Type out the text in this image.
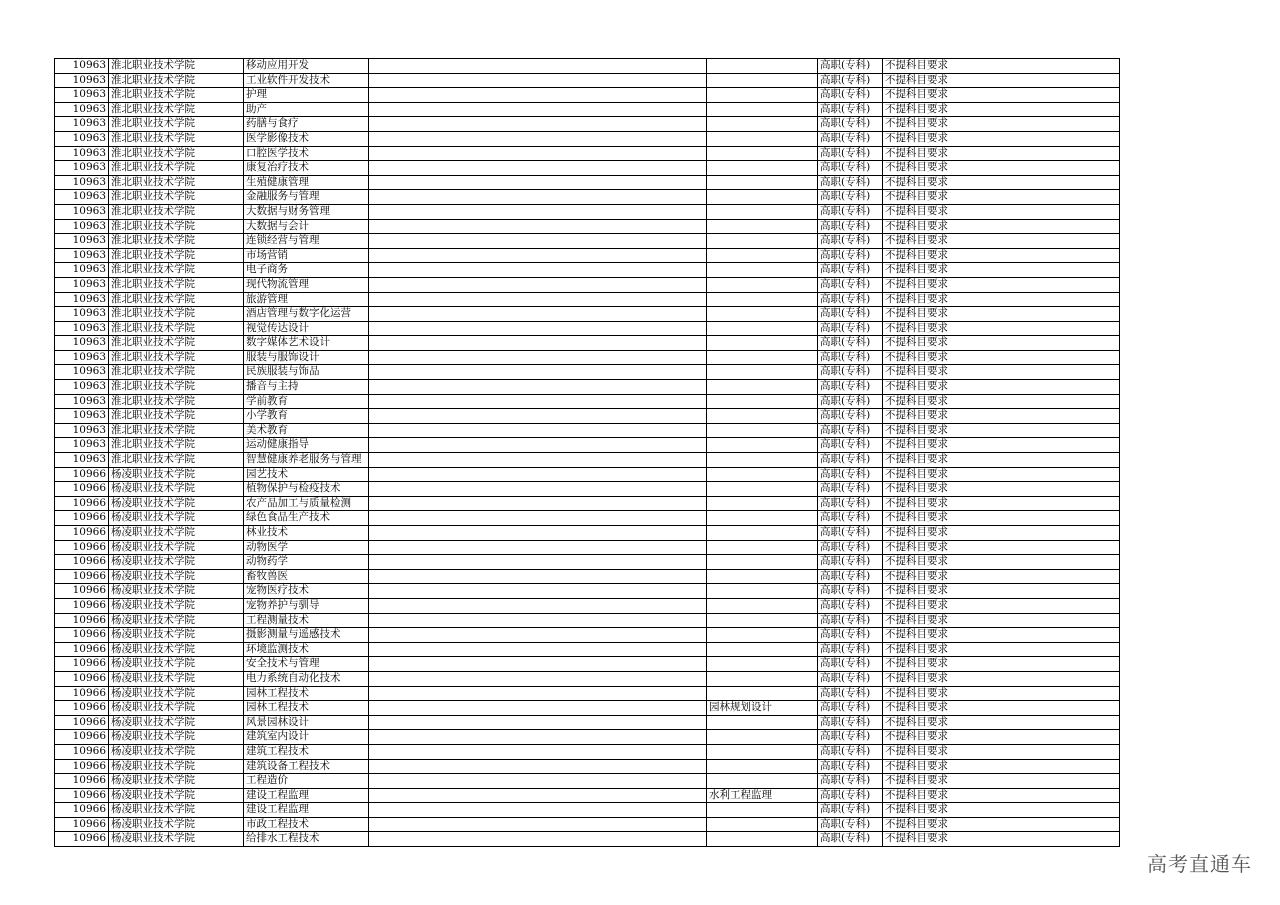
10963	淮北职业技术学院	移动应用开发			高职(专科)	不提科目要求
10963	淮北职业技术学院	工业软件开发技术			高职(专科)	不提科目要求
10963	淮北职业技术学院	护理			高职(专科)	不提科目要求
10963	淮北职业技术学院	助产			高职(专科)	不提科目要求
10963	淮北职业技术学院	药膳与食疗			高职(专科)	不提科目要求
10963	淮北职业技术学院	医学影像技术			高职(专科)	不提科目要求
10963	淮北职业技术学院	口腔医学技术			高职(专科)	不提科目要求
10963	淮北职业技术学院	康复治疗技术			高职(专科)	不提科目要求
10963	淮北职业技术学院	生殖健康管理			高职(专科)	不提科目要求
10963	淮北职业技术学院	金融服务与管理			高职(专科)	不提科目要求
10963	淮北职业技术学院	大数据与财务管理			高职(专科)	不提科目要求
10963	淮北职业技术学院	大数据与会计			高职(专科)	不提科目要求
10963	淮北职业技术学院	连锁经营与管理			高职(专科)	不提科目要求
10963	淮北职业技术学院	市场营销			高职(专科)	不提科目要求
10963	淮北职业技术学院	电子商务			高职(专科)	不提科目要求
10963	淮北职业技术学院	现代物流管理			高职(专科)	不提科目要求
10963	淮北职业技术学院	旅游管理			高职(专科)	不提科目要求
10963	淮北职业技术学院	酒店管理与数字化运营			高职(专科)	不提科目要求
10963	淮北职业技术学院	视觉传达设计			高职(专科)	不提科目要求
10963	淮北职业技术学院	数字媒体艺术设计			高职(专科)	不提科目要求
10963	淮北职业技术学院	服装与服饰设计			高职(专科)	不提科目要求
10963	淮北职业技术学院	民族服装与饰品			高职(专科)	不提科目要求
10963	淮北职业技术学院	播音与主持			高职(专科)	不提科目要求
10963	淮北职业技术学院	学前教育			高职(专科)	不提科目要求
10963	淮北职业技术学院	小学教育			高职(专科)	不提科目要求
10963	淮北职业技术学院	美术教育			高职(专科)	不提科目要求
10963	淮北职业技术学院	运动健康指导			高职(专科)	不提科目要求
10963	淮北职业技术学院	智慧健康养老服务与管理			高职(专科)	不提科目要求
10966	杨凌职业技术学院	园艺技术			高职(专科)	不提科目要求
10966	杨凌职业技术学院	植物保护与检疫技术			高职(专科)	不提科目要求
10966	杨凌职业技术学院	农产品加工与质量检测			高职(专科)	不提科目要求
10966	杨凌职业技术学院	绿色食品生产技术			高职(专科)	不提科目要求
10966	杨凌职业技术学院	林业技术			高职(专科)	不提科目要求
10966	杨凌职业技术学院	动物医学			高职(专科)	不提科目要求
10966	杨凌职业技术学院	动物药学			高职(专科)	不提科目要求
10966	杨凌职业技术学院	畜牧兽医			高职(专科)	不提科目要求
10966	杨凌职业技术学院	宠物医疗技术			高职(专科)	不提科目要求
10966	杨凌职业技术学院	宠物养护与驯导			高职(专科)	不提科目要求
10966	杨凌职业技术学院	工程测量技术			高职(专科)	不提科目要求
10966	杨凌职业技术学院	摄影测量与遥感技术			高职(专科)	不提科目要求
10966	杨凌职业技术学院	环境监测技术			高职(专科)	不提科目要求
10966	杨凌职业技术学院	安全技术与管理			高职(专科)	不提科目要求
10966	杨凌职业技术学院	电力系统自动化技术			高职(专科)	不提科目要求
10966	杨凌职业技术学院	园林工程技术			高职(专科)	不提科目要求
10966	杨凌职业技术学院	园林工程技术		园林规划设计	高职(专科)	不提科目要求
10966	杨凌职业技术学院	风景园林设计			高职(专科)	不提科目要求
10966	杨凌职业技术学院	建筑室内设计			高职(专科)	不提科目要求
10966	杨凌职业技术学院	建筑工程技术			高职(专科)	不提科目要求
10966	杨凌职业技术学院	建筑设备工程技术			高职(专科)	不提科目要求
10966	杨凌职业技术学院	工程造价			高职(专科)	不提科目要求
10966	杨凌职业技术学院	建设工程监理		水利工程监理	高职(专科)	不提科目要求
10966	杨凌职业技术学院	建设工程监理			高职(专科)	不提科目要求
10966	杨凌职业技术学院	市政工程技术			高职(专科)	不提科目要求
10966	杨凌职业技术学院	给排水工程技术			高职(专科)	不提科目要求
高考直通车
